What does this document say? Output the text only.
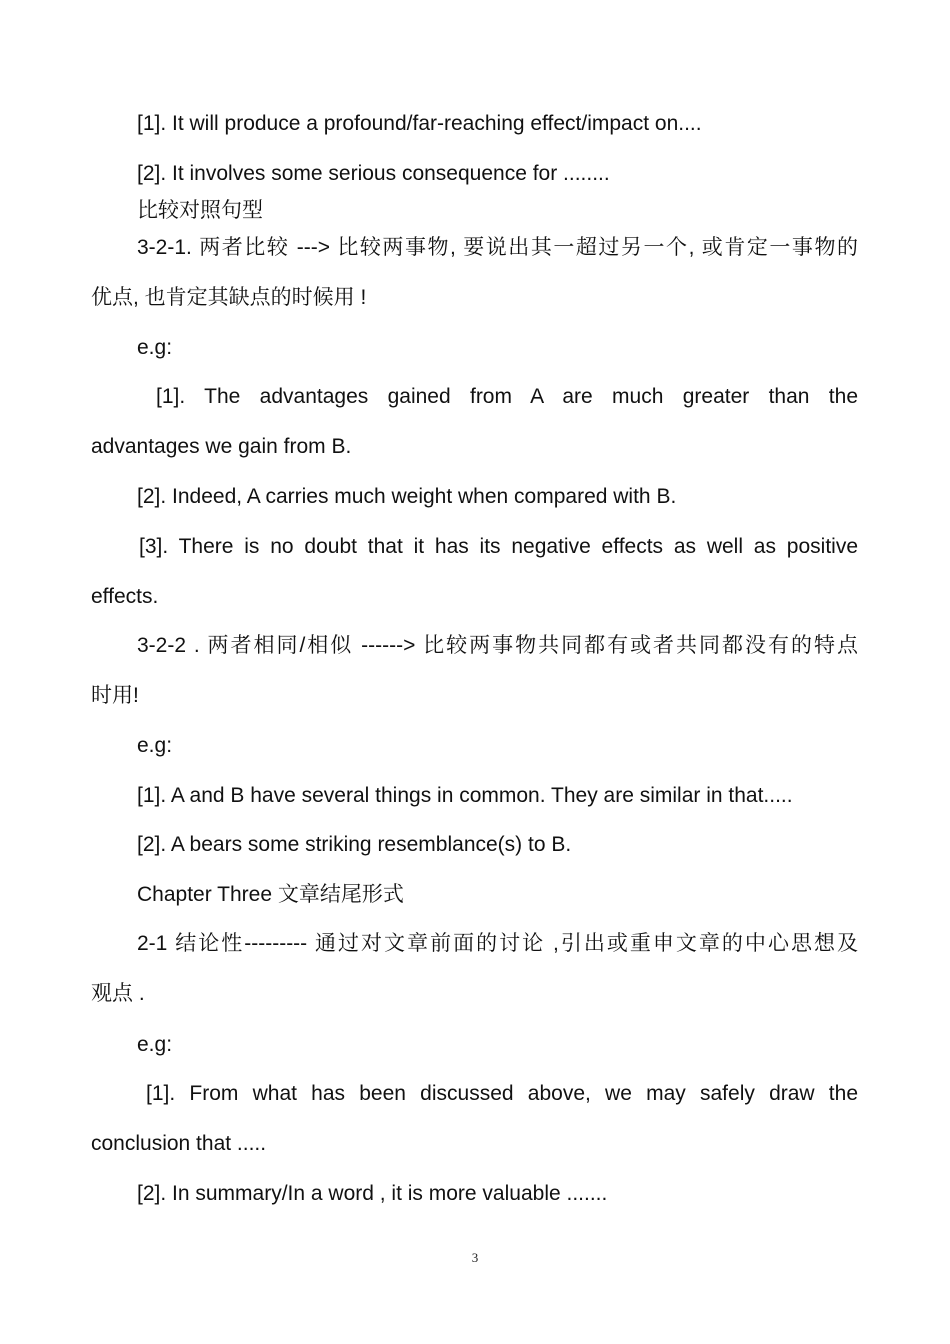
[1]. It will produce a profound/far-reaching effect/impact on....
[2]. It involves some serious consequence for ........
比较对照句型
3-2-1. 两者比较 ---> 比较两事物, 要说出其一超过另一个, 或肯定一事物的
优点, 也肯定其缺点的时候用 !
e.g:
[1]. The advantages gained from A are much greater than the
advantages we gain from B.
[2]. Indeed, A carries much weight when compared with B.
[3]. There is no doubt that it has its negative effects as well as positive
effects.
3-2-2 . 两者相同/相似 ------> 比较两事物共同都有或者共同都没有的特点
时用!
e.g:
[1]. A and B have several things in common. They are similar in that.....
[2]. A bears some striking resemblance(s) to B.
Chapter Three 文章结尾形式
2-1 结论性--------- 通过对文章前面的讨论 ,引出或重申文章的中心思想及
观点 .
e.g:
[1]. From what has been discussed above, we may safely draw the
conclusion that .....
[2]. In summary/In a word , it is more valuable .......
3
